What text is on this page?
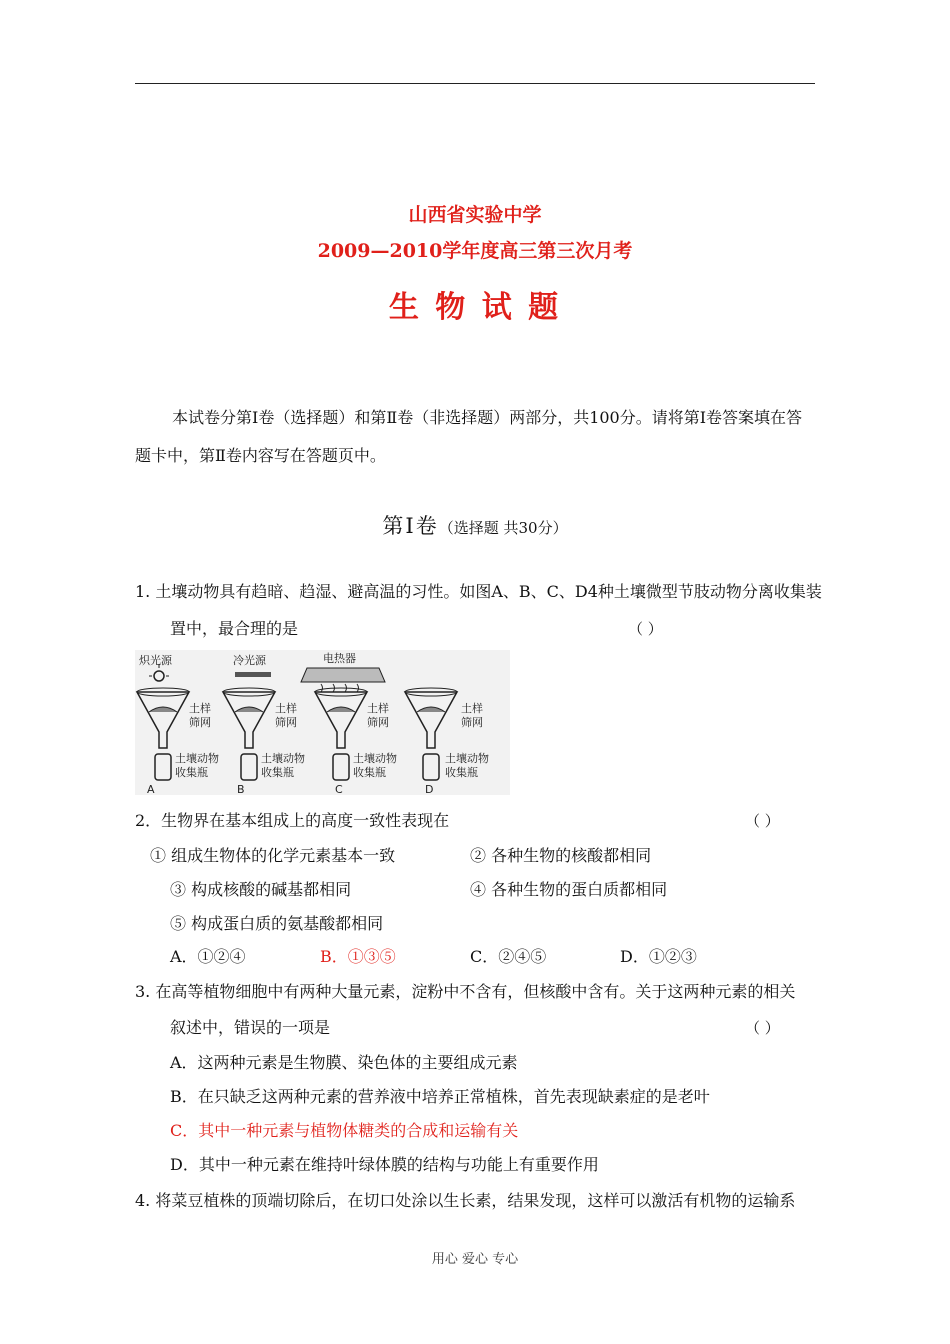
山西省实验中学
2009—2010学年度高三第三次月考
生 物 试 题
本试卷分第Ⅰ卷（选择题）和第Ⅱ卷（非选择题）两部分，共100分。请将第Ⅰ卷答案填在答
题卡中，第Ⅱ卷内容写在答题页中。
第Ⅰ卷（选择题 共30分）
1. 土壤动物具有趋暗、趋湿、避高温的习性。如图A、B、C、D4种土壤微型节肢动物分离收集装
置中，最合理的是	（ ）
炽光源
土样
筛网
土壤动物
收集瓶
A
冷光源
土样
筛网
土壤动物
收集瓶
B
电热器
土样
筛网
土壤动物
收集瓶
C
土样
筛网
土壤动物
收集瓶
D
2．生物界在基本组成上的高度一致性表现在	（ ）
① 组成生物体的化学元素基本一致	② 各种生物的核酸都相同
③ 构成核酸的碱基都相同	④ 各种生物的蛋白质都相同
⑤ 构成蛋白质的氨基酸都相同
A．①②④	B．①③⑤	C．②④⑤	D．①②③
3. 在高等植物细胞中有两种大量元素，淀粉中不含有，但核酸中含有。关于这两种元素的相关
叙述中，错误的一项是	（ ）
A．这两种元素是生物膜、染色体的主要组成元素
B．在只缺乏这两种元素的营养液中培养正常植株，首先表现缺素症的是老叶
C．其中一种元素与植物体糖类的合成和运输有关
D．其中一种元素在维持叶绿体膜的结构与功能上有重要作用
4. 将菜豆植株的顶端切除后，在切口处涂以生长素，结果发现，这样可以激活有机物的运输系
用心 爱心 专心
